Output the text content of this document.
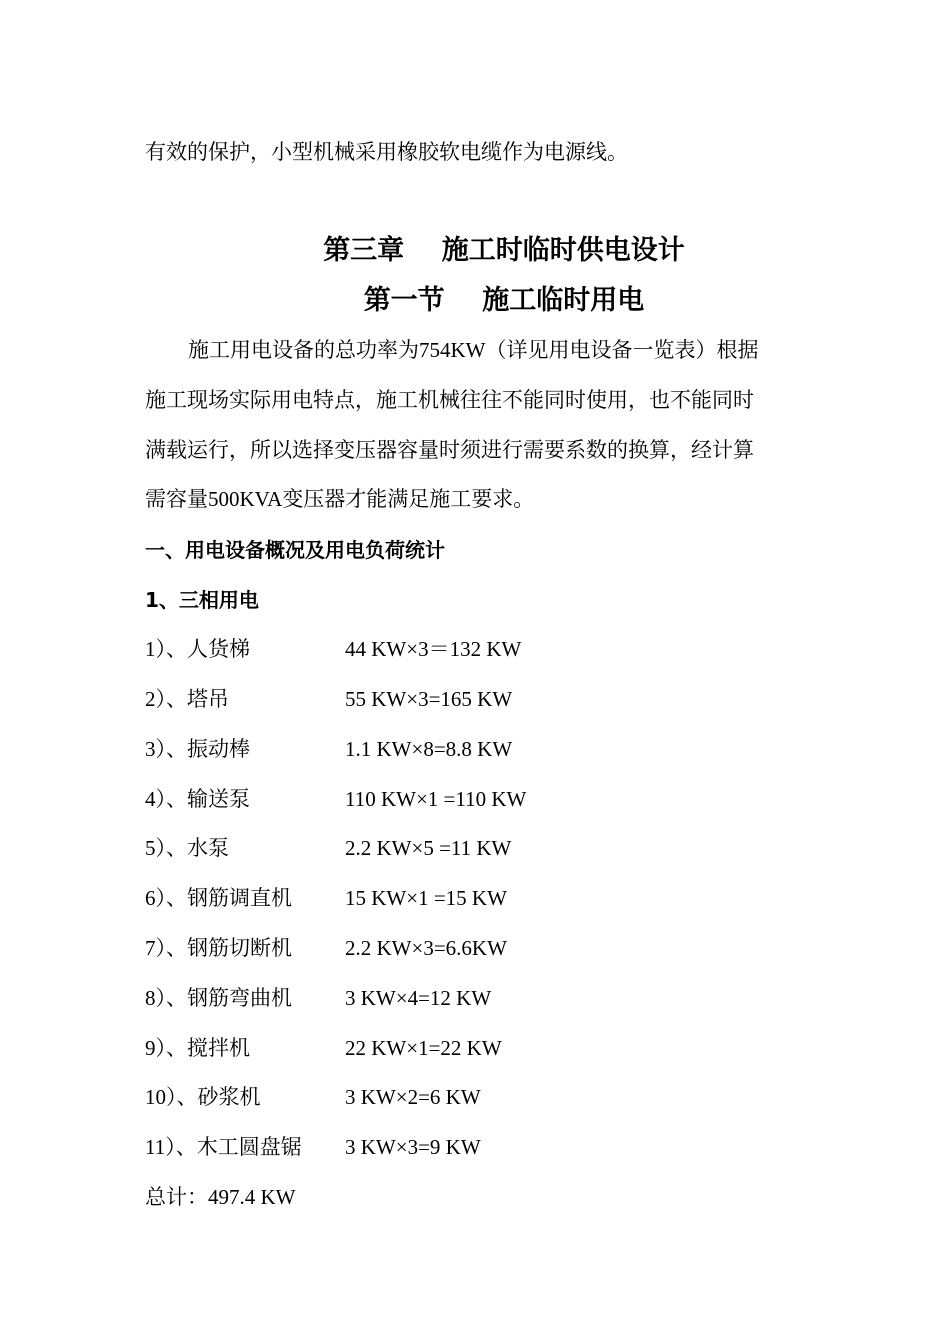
有效的保护，小型机械采用橡胶软电缆作为电源线。
第三章    施工时临时供电设计
第一节    施工临时用电
施工用电设备的总功率为754KW（详见用电设备一览表）根据
施工现场实际用电特点，施工机械往往不能同时使用，也不能同时
满载运行，所以选择变压器容量时须进行需要系数的换算，经计算
需容量500KVA变压器才能满足施工要求。
一、用电设备概况及用电负荷统计
1、三相用电
1）、人货梯	44 KW×3＝132 KW
2）、塔吊	55 KW×3=165 KW
3）、振动棒	1.1 KW×8=8.8 KW
4）、输送泵	110 KW×1 =110 KW
5）、水泵	2.2 KW×5 =11 KW
6）、钢筋调直机	15 KW×1 =15 KW
7）、钢筋切断机	2.2 KW×3=6.6KW
8）、钢筋弯曲机	3 KW×4=12 KW
9）、搅拌机	22 KW×1=22 KW
10）、砂浆机	3 KW×2=6 KW
11）、木工圆盘锯 3 KW×3=9 KW
总计：497.4 KW
